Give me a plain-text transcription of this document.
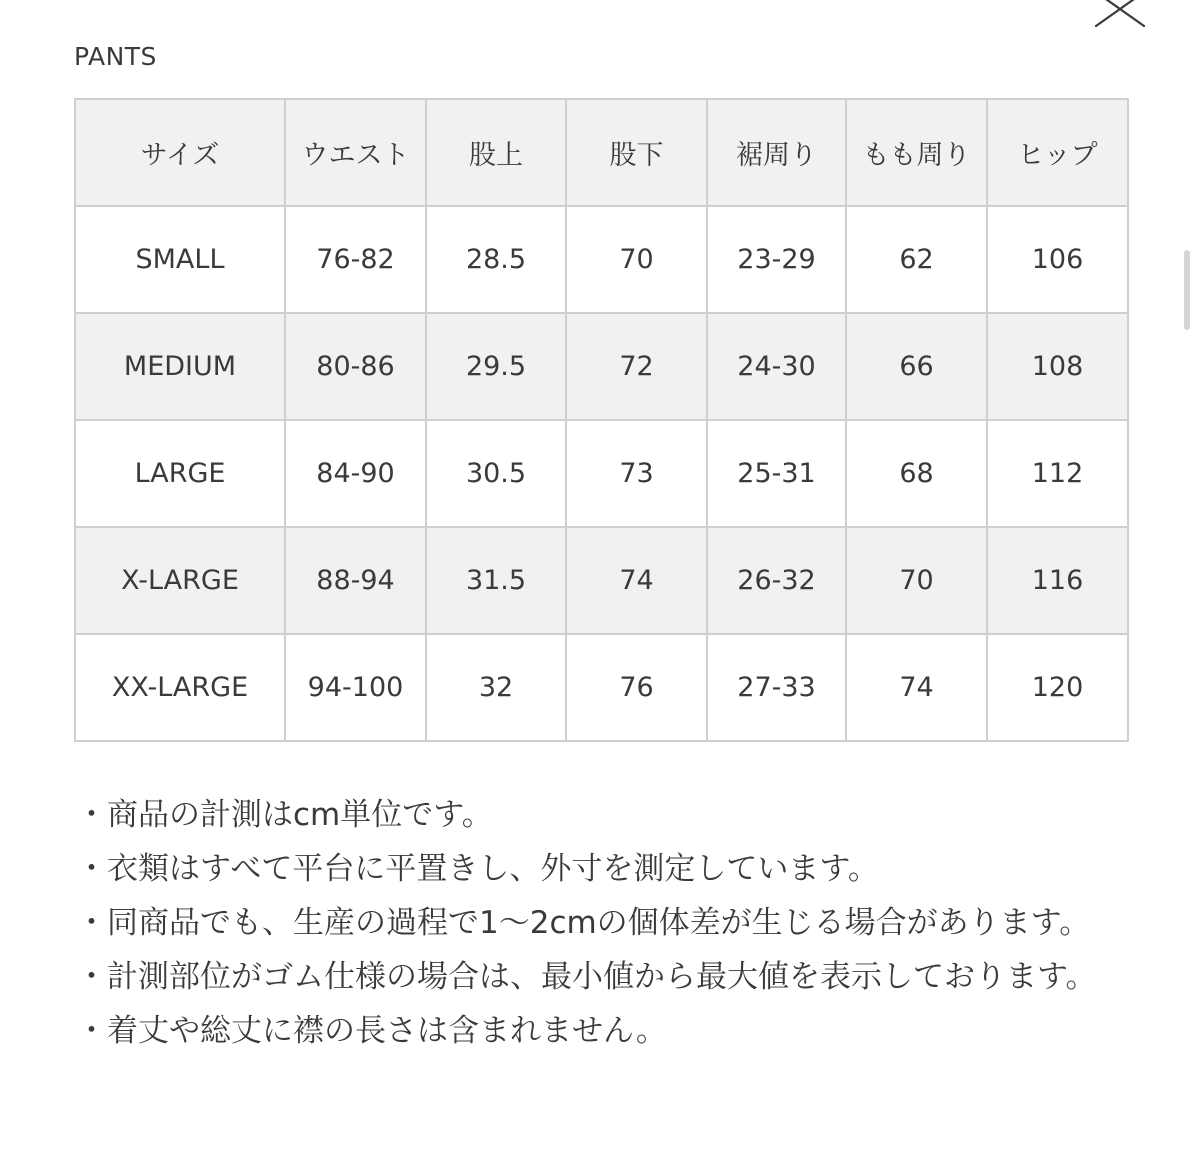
PANTS
サイズ	ウエスト	股上	股下	裾周り	もも周り	ヒップ
SMALL	76-82	28.5	70	23-29	62	106
MEDIUM	80-86	29.5	72	24-30	66	108
LARGE	84-90	30.5	73	25-31	68	112
X-LARGE	88-94	31.5	74	26-32	70	116
XX-LARGE	94-100	32	76	27-33	74	120
・商品の計測はcm単位です。
・衣類はすべて平台に平置きし、外寸を測定しています。
・同商品でも、生産の過程で1〜2cmの個体差が生じる場合があります。
・計測部位がゴム仕様の場合は、最小値から最大値を表示しております。
・着丈や総丈に襟の長さは含まれません。
